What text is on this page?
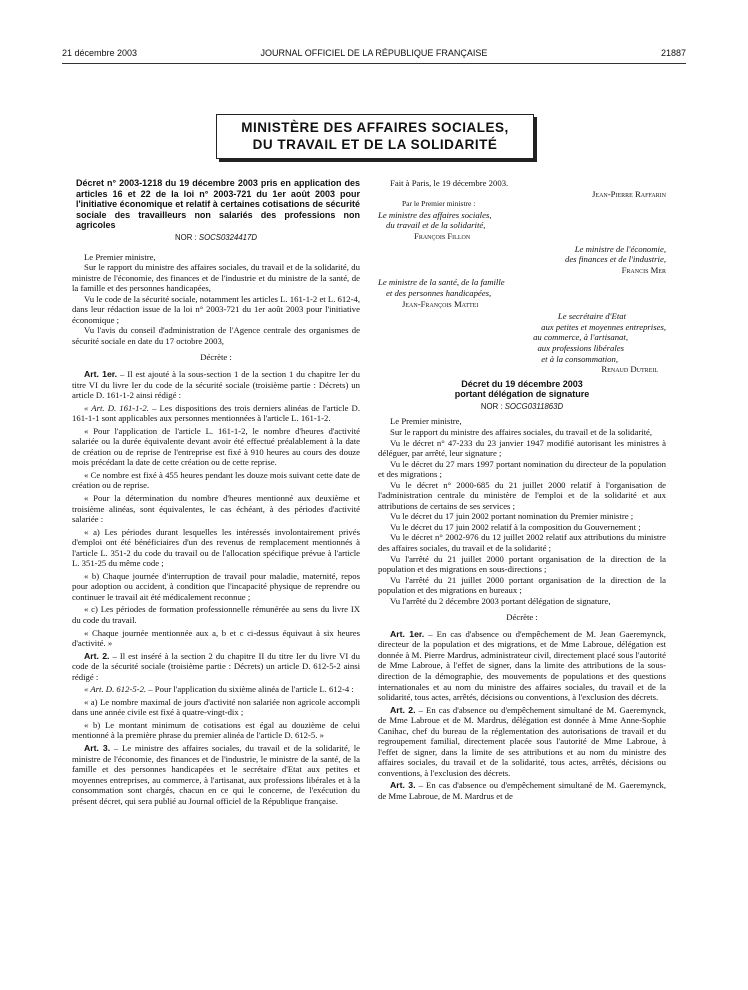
21 décembre 2003	JOURNAL OFFICIEL DE LA RÉPUBLIQUE FRANÇAISE	21887
MINISTÈRE DES AFFAIRES SOCIALES,
DU TRAVAIL ET DE LA SOLIDARITÉ
Décret n° 2003-1218 du 19 décembre 2003 pris en application des articles 16 et 22 de la loi n° 2003-721 du 1er août 2003 pour l'initiative économique et relatif à certaines cotisations de sécurité sociale des travailleurs non salariés des professions non agricoles
NOR : SOCS0324417D

Le Premier ministre,

Sur le rapport du ministre des affaires sociales, du travail et de la solidarité, du ministre de l'économie, des finances et de l'industrie et du ministre de la santé, de la famille et des personnes handicapées,

Vu le code de la sécurité sociale, notamment les articles L. 161-1-2 et L. 612-4, dans leur rédaction issue de la loi n° 2003-721 du 1er août 2003 pour l'initiative économique ;

Vu l'avis du conseil d'administration de l'Agence centrale des organismes de sécurité sociale en date du 17 octobre 2003,

Décrète :

Art. 1er. – Il est ajouté à la sous-section 1 de la section 1 du chapitre Ier du titre VI du livre Ier du code de la sécurité sociale (troisième partie : Décrets) un article D. 161-1-2 ainsi rédigé :

« Art. D. 161-1-2. – Les dispositions des trois derniers alinéas de l'article D. 161-1-1 sont applicables aux personnes mentionnées à l'article L. 161-1-2.

« Pour l'application de l'article L. 161-1-2, le nombre d'heures d'activité salariée ou la durée équivalente devant avoir été effectué préalablement à la date de création ou de reprise de l'entreprise est fixé à 910 heures au cours des douze mois précédant la date de cette création ou de cette reprise.

« Ce nombre est fixé à 455 heures pendant les douze mois suivant cette date de création ou de reprise.

« Pour la détermination du nombre d'heures mentionné aux deuxième et troisième alinéas, sont équivalentes, le cas échéant, à des périodes d'activité salariée :

« a) Les périodes durant lesquelles les intéressés involontairement privés d'emploi ont été bénéficiaires d'un des revenus de remplacement mentionnés à l'article L. 351-2 du code du travail ou de l'allocation spécifique prévue à l'article L. 351-25 du même code ;

« b) Chaque journée d'interruption de travail pour maladie, maternité, repos pour adoption ou accident, à condition que l'incapacité physique de reprendre ou continuer le travail ait été médicalement reconnue ;

« c) Les périodes de formation professionnelle rémunérée au sens du livre IX du code du travail.

« Chaque journée mentionnée aux a, b et c ci-dessus équivaut à six heures d'activité. »

Art. 2. – Il est inséré à la section 2 du chapitre II du titre Ier du livre VI du code de la sécurité sociale (troisième partie : Décrets) un article D. 612-5-2 ainsi rédigé :

« Art. D. 612-5-2. – Pour l'application du sixième alinéa de l'article L. 612-4 :

« a) Le nombre maximal de jours d'activité non salariée non agricole accompli dans une année civile est fixé à quatre-vingt-dix ;

« b) Le montant minimum de cotisations est égal au douzième de celui mentionné à la première phrase du premier alinéa de l'article D. 612-5. »

Art. 3. – Le ministre des affaires sociales, du travail et de la solidarité, le ministre de l'économie, des finances et de l'industrie, le ministre de la santé, de la famille et des personnes handicapées et le secrétaire d'Etat aux petites et moyennes entreprises, au commerce, à l'artisanat, aux professions libérales et à la consommation sont chargés, chacun en ce qui le concerne, de l'exécution du présent décret, qui sera publié au Journal officiel de la République française.

Fait à Paris, le 19 décembre 2003.
Jean-Pierre Raffarin
Par le Premier ministre :
Le ministre des affaires sociales,
du travail et de la solidarité,
François Fillon
Le ministre de l'économie,
des finances et de l'industrie,
Francis Mer
Le ministre de la santé, de la famille
et des personnes handicapées,
Jean-François Mattei
Le secrétaire d'Etat
aux petites et moyennes entreprises,
au commerce, à l'artisanat,
aux professions libérales
et à la consommation,
Renaud Dutreil
Décret du 19 décembre 2003
portant délégation de signature
NOR : SOCG0311863D

Le Premier ministre,

Sur le rapport du ministre des affaires sociales, du travail et de la solidarité,

Vu le décret n° 47-233 du 23 janvier 1947 modifié autorisant les ministres à déléguer, par arrêté, leur signature ;

Vu le décret du 27 mars 1997 portant nomination du directeur de la population et des migrations ;

Vu le décret n° 2000-685 du 21 juillet 2000 relatif à l'organisation de l'administration centrale du ministère de l'emploi et de la solidarité et aux attributions de certains de ses services ;

Vu le décret du 17 juin 2002 portant nomination du Premier ministre ;

Vu le décret du 17 juin 2002 relatif à la composition du Gouvernement ;

Vu le décret n° 2002-976 du 12 juillet 2002 relatif aux attributions du ministre des affaires sociales, du travail et de la solidarité ;

Vu l'arrêté du 21 juillet 2000 portant organisation de la direction de la population et des migrations en sous-directions ;

Vu l'arrêté du 21 juillet 2000 portant organisation de la direction de la population et des migrations en bureaux ;

Vu l'arrêté du 2 décembre 2003 portant délégation de signature,

Décrète :

Art. 1er. – En cas d'absence ou d'empêchement de M. Jean Gaeremynck, directeur de la population et des migrations, et de Mme Labroue, délégation est donnée à M. Pierre Mardrus, administrateur civil, directement placé sous l'autorité de Mme Labroue, à l'effet de signer, dans la limite des attributions de la sous-direction de la démographie, des mouvements de populations et des questions internationales et au nom du ministre des affaires sociales, du travail et de la solidarité, tous actes, arrêtés, décisions ou conventions, à l'exclusion des décrets.

Art. 2. – En cas d'absence ou d'empêchement simultané de M. Gaeremynck, de Mme Labroue et de M. Mardrus, délégation est donnée à Mme Anne-Sophie Canihac, chef du bureau de la réglementation des autorisations de travail et du regroupement familial, directement placée sous l'autorité de Mme Labroue, à l'effet de signer, dans la limite de ses attributions et au nom du ministre des affaires sociales, du travail et de la solidarité, tous actes, arrêtés, décisions ou conventions, à l'exclusion des décrets.

Art. 3. – En cas d'absence ou d'empêchement simultané de M. Gaeremynck, de Mme Labroue, de M. Mardrus et de
